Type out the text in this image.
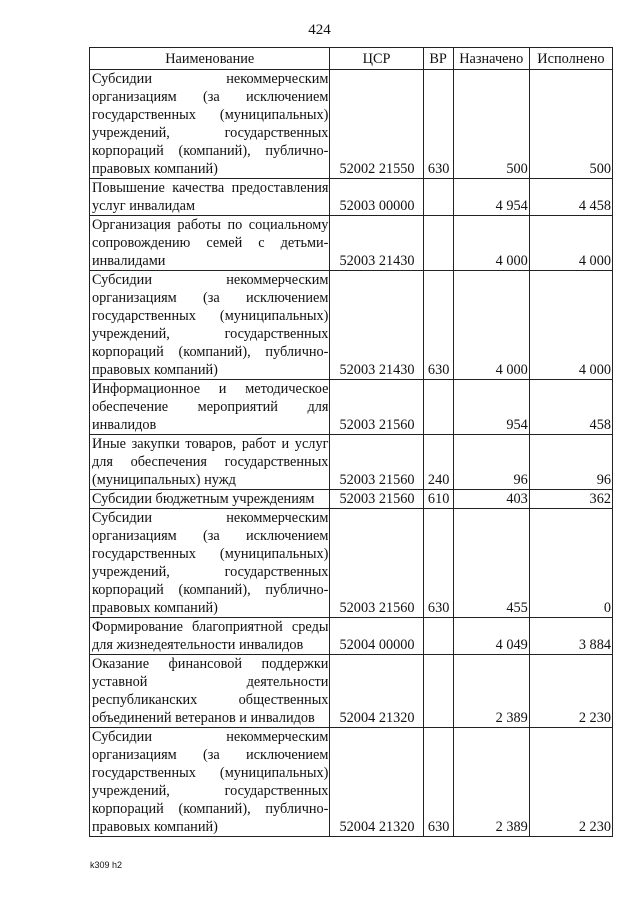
424
Наименование	ЦСР	ВР	Назначено	Исполнено
Субсидии некоммерческим организациям (за исключением государственных (муниципальных) учреждений, государственных корпораций (компаний), публично-правовых компаний)	52002 21550	630	500	500
Повышение качества предоставления услуг инвалидам	52003 00000		4 954	4 458
Организация работы по социальному сопровождению семей с детьми-инвалидами	52003 21430		4 000	4 000
Субсидии некоммерческим организациям (за исключением государственных (муниципальных) учреждений, государственных корпораций (компаний), публично-правовых компаний)	52003 21430	630	4 000	4 000
Информационное и методическое обеспечение мероприятий для инвалидов	52003 21560		954	458
Иные закупки товаров, работ и услуг для обеспечения государственных (муниципальных) нужд	52003 21560	240	96	96
Субсидии бюджетным учреждениям	52003 21560	610	403	362
Субсидии некоммерческим организациям (за исключением государственных (муниципальных) учреждений, государственных корпораций (компаний), публично-правовых компаний)	52003 21560	630	455	0
Формирование благоприятной среды для жизнедеятельности инвалидов	52004 00000		4 049	3 884
Оказание финансовой поддержки уставной деятельности республиканских общественных объединений ветеранов и инвалидов	52004 21320		2 389	2 230
Субсидии некоммерческим организациям (за исключением государственных (муниципальных) учреждений, государственных корпораций (компаний), публично-правовых компаний)	52004 21320	630	2 389	2 230
k309 h2
